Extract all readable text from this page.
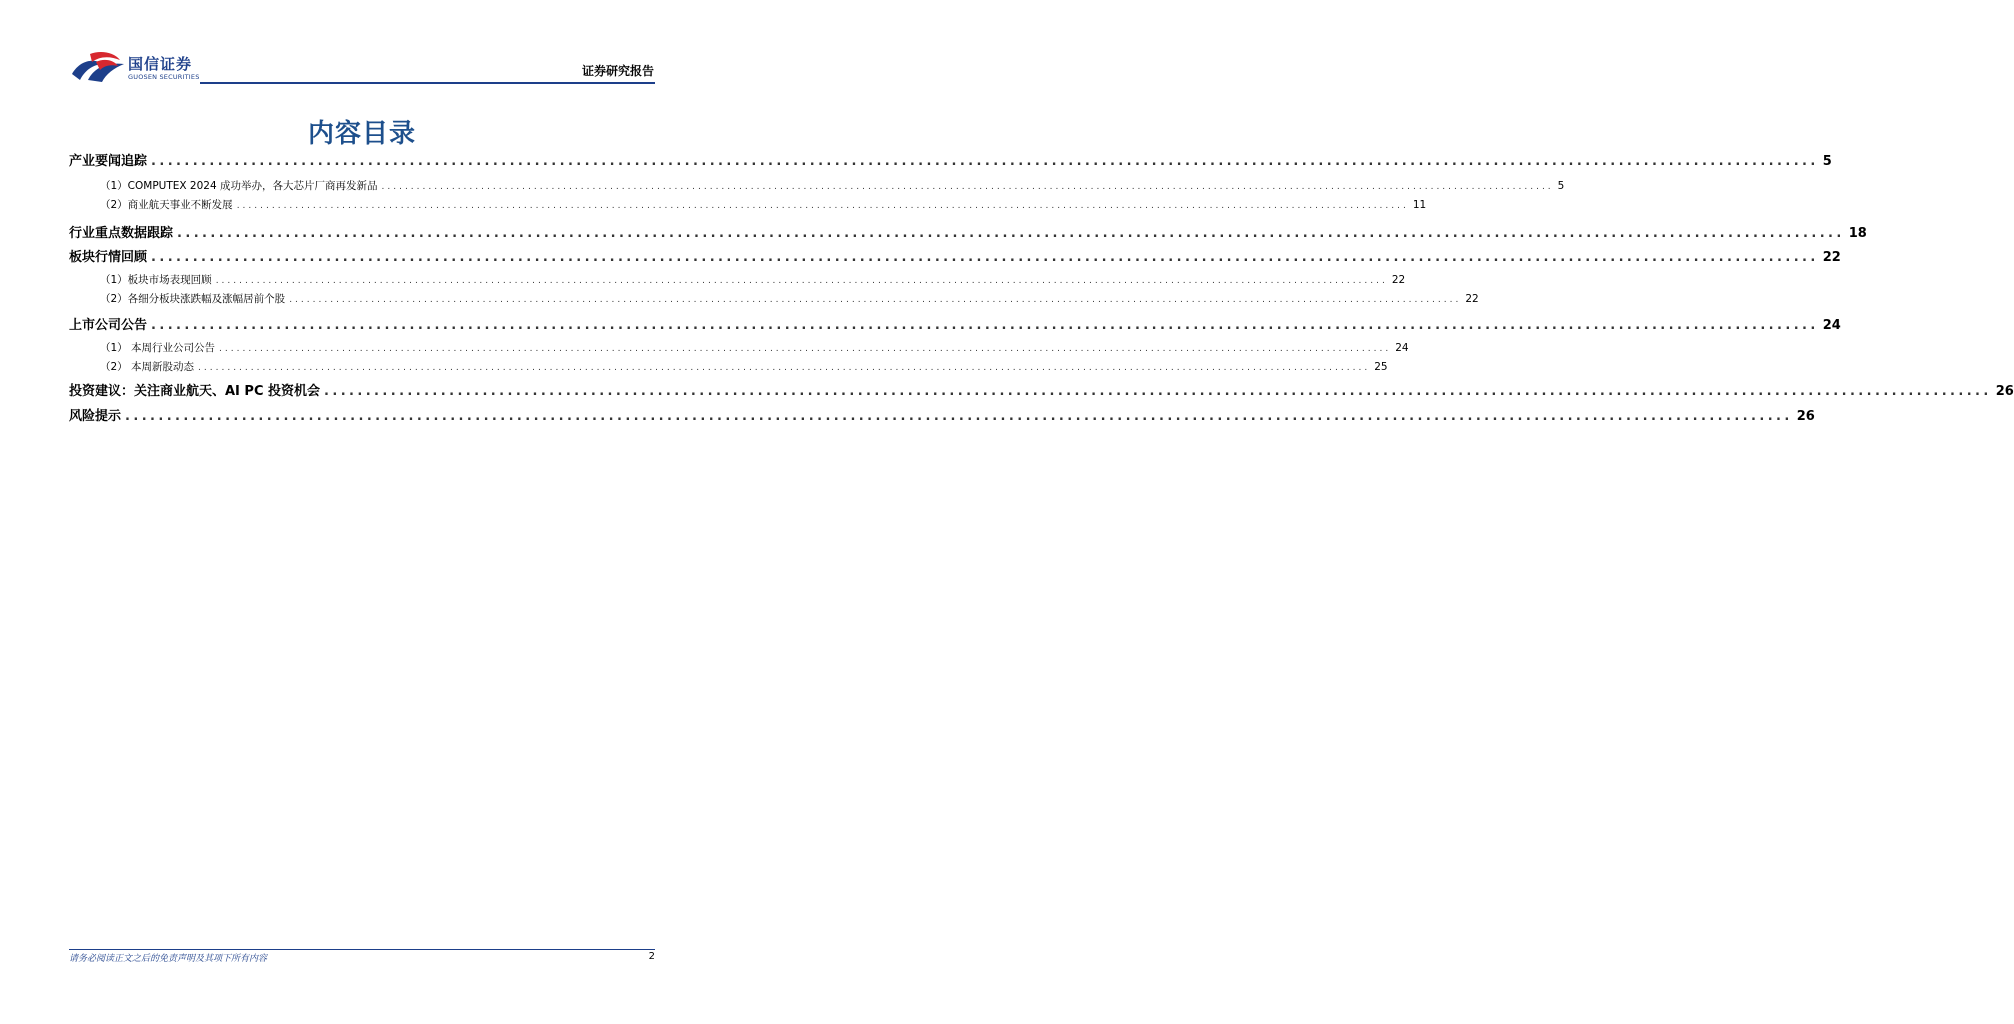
国信证券
GUOSEN SECURITIES	证券研究报告
内容目录
产业要闻追踪 ........................................................................................................................................................................................................ 5
（1）COMPUTEX 2024 成功举办，各大芯片厂商再发新品 ........................................................................................................................................................................................................ 5
（2）商业航天事业不断发展 ........................................................................................................................................................................................................ 11
行业重点数据跟踪 ........................................................................................................................................................................................................ 18
板块行情回顾 ........................................................................................................................................................................................................ 22
（1）板块市场表现回顾 ........................................................................................................................................................................................................ 22
（2）各细分板块涨跌幅及涨幅居前个股 ........................................................................................................................................................................................................ 22
上市公司公告 ........................................................................................................................................................................................................ 24
（1） 本周行业公司公告 ........................................................................................................................................................................................................ 24
（2） 本周新股动态 ........................................................................................................................................................................................................ 25
投资建议：关注商业航天、AI PC 投资机会 ........................................................................................................................................................................................................ 26
风险提示 ........................................................................................................................................................................................................ 26
请务必阅读正文之后的免责声明及其项下所有内容	2
